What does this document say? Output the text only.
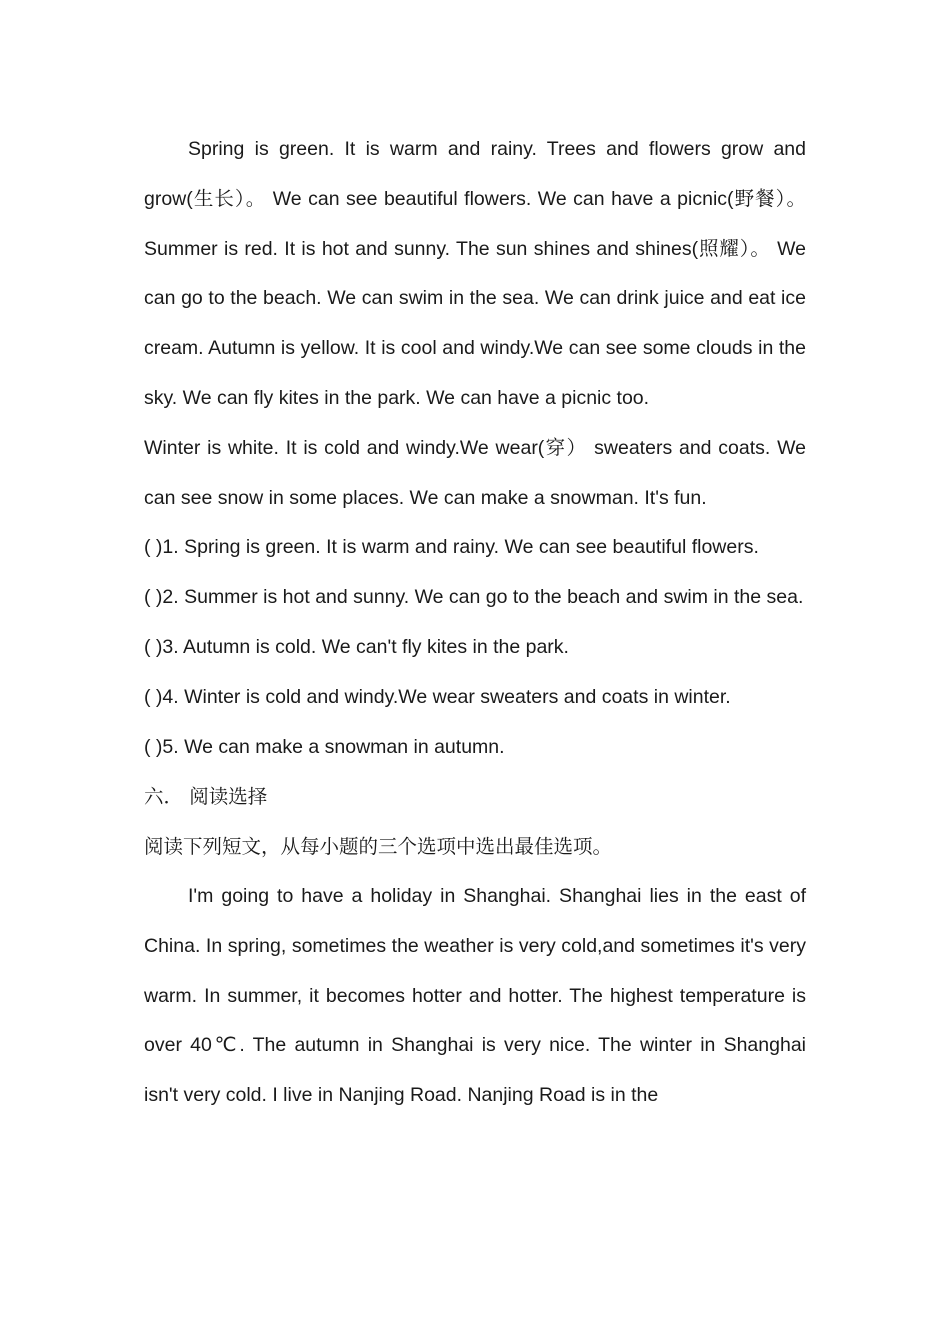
Spring is green. It is warm and rainy. Trees and flowers grow and grow(生长）。 We can see beautiful flowers. We can have a picnic(野餐）。Summer is red. It is hot and sunny. The sun shines and shines(照耀）。 We can go to the beach. We can swim in the sea. We can drink juice and eat ice cream. Autumn is yellow. It is cool and windy.We can see some clouds in the sky. We can fly kites in the park. We can have a picnic too.

Winter is white. It is cold and windy.We wear(穿） sweaters and coats. We can see snow in some places. We can make a snowman. It's fun.

( )1. Spring is green. It is warm and rainy. We can see beautiful flowers.

( )2. Summer is hot and sunny. We can go to the beach and swim in the sea.

( )3. Autumn is cold. We can't fly kites in the park.

( )4. Winter is cold and windy.We wear sweaters and coats in winter.

( )5. We can make a snowman in autumn.

六． 阅读选择

阅读下列短文，从每小题的三个选项中选出最佳选项。

I'm going to have a holiday in Shanghai. Shanghai lies in the east of China. In spring, sometimes the weather is very cold,and sometimes it's very warm. In summer, it becomes hotter and hotter. The highest temperature is over 40℃. The autumn in Shanghai is very nice. The winter in Shanghai isn't very cold. I live in Nanjing Road. Nanjing Road is in the
